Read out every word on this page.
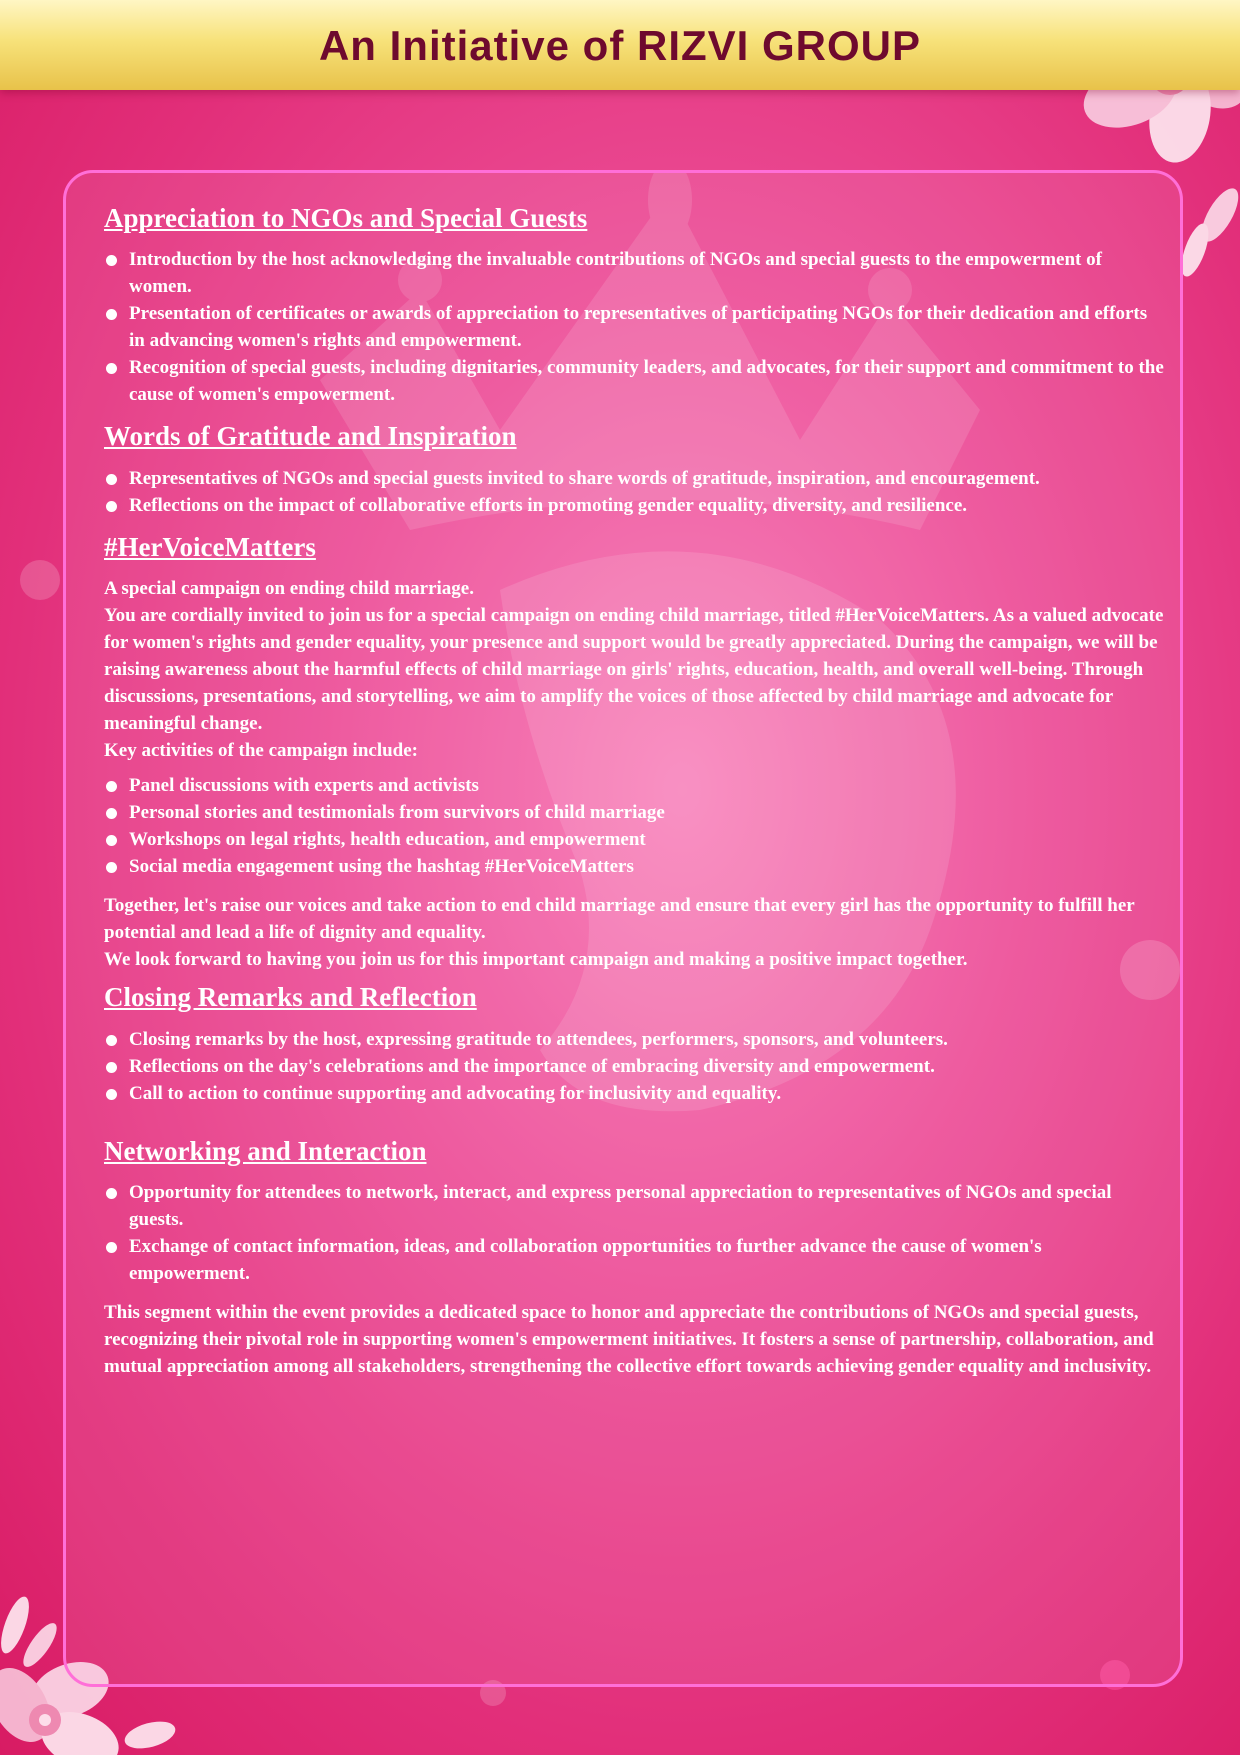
An Initiative of RIZVI GROUP
Appreciation to NGOs and Special Guests
Introduction by the host acknowledging the invaluable contributions of NGOs and special guests to the empowerment of women.
Presentation of certificates or awards of appreciation to representatives of participating NGOs for their dedication and efforts in advancing women's rights and empowerment.
Recognition of special guests, including dignitaries, community leaders, and advocates, for their support and commitment to the cause of women's empowerment.
Words of Gratitude and Inspiration
Representatives of NGOs and special guests invited to share words of gratitude, inspiration, and encouragement.
Reflections on the impact of collaborative efforts in promoting gender equality, diversity, and resilience.
#HerVoiceMatters

A special campaign on ending child marriage.

You are cordially invited to join us for a special campaign on ending child marriage, titled #HerVoiceMatters. As a valued advocate for women's rights and gender equality, your presence and support would be greatly appreciated. During the campaign, we will be raising awareness about the harmful effects of child marriage on girls' rights, education, health, and overall well-being. Through discussions, presentations, and storytelling, we aim to amplify the voices of those affected by child marriage and advocate for meaningful change.

Key activities of the campaign include:

Panel discussions with experts and activists
Personal stories and testimonials from survivors of child marriage
Workshops on legal rights, health education, and empowerment
Social media engagement using the hashtag #HerVoiceMatters

Together, let's raise our voices and take action to end child marriage and ensure that every girl has the opportunity to fulfill her potential and lead a life of dignity and equality.

We look forward to having you join us for this important campaign and making a positive impact together.

Closing Remarks and Reflection
Closing remarks by the host, expressing gratitude to attendees, performers, sponsors, and volunteers.
Reflections on the day's celebrations and the importance of embracing diversity and empowerment.
Call to action to continue supporting and advocating for inclusivity and equality.
Networking and Interaction
Opportunity for attendees to network, interact, and express personal appreciation to representatives of NGOs and special guests.
Exchange of contact information, ideas, and collaboration opportunities to further advance the cause of women's empowerment.

This segment within the event provides a dedicated space to honor and appreciate the contributions of NGOs and special guests, recognizing their pivotal role in supporting women's empowerment initiatives. It fosters a sense of partnership, collaboration, and mutual appreciation among all stakeholders, strengthening the collective effort towards achieving gender equality and inclusivity.
